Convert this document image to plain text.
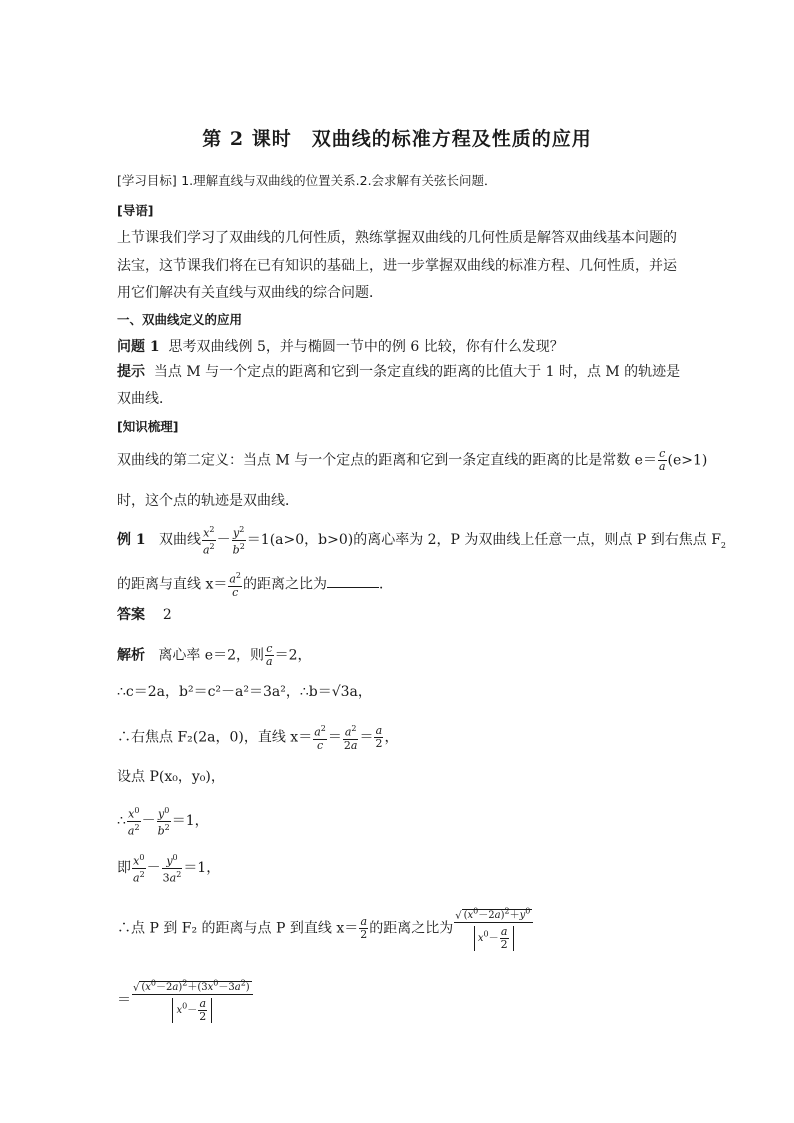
第 2 课时　双曲线的标准方程及性质的应用
[学习目标] 1.理解直线与双曲线的位置关系.2.会求解有关弦长问题．
[导语]
上节课我们学习了双曲线的几何性质，熟练掌握双曲线的几何性质是解答双曲线基本问题的
法宝，这节课我们将在已有知识的基础上，进一步掌握双曲线的标准方程、几何性质，并运
用它们解决有关直线与双曲线的综合问题．
一、双曲线定义的应用
问题 1 思考双曲线例 5，并与椭圆一节中的例 6 比较，你有什么发现？
提示 当点 M 与一个定点的距离和它到一条定直线的距离的比值大于 1 时，点 M 的轨迹是
双曲线．
[知识梳理]
双曲线的第二定义：当点 M 与一个定点的距离和它到一条定直线的距离的比是常数 $e= \frac{c}{a} (e>1)$
时，这个点的轨迹是双曲线．
例 1 双曲线 $\frac{x^2}{a^2} - \frac{y^2}{b^2} =1(a>0$，b>0)的离心率为 2，P 为双曲线上任意一点，则点 P 到右焦点 $F_2$
的距离与直线 $x= \frac{a^2}{c}$ 的距离之比为	．
答案 2
解析 离心率 e＝2，则 $\frac{c}{a} =2$，
∴c＝2a，b²＝c²－a²＝3a²，∴b＝√3a，
∴右焦点 F₂(2a，0)，直线 $x= \frac{a^2}{c} = \frac{a^2}{2a} = \frac{a}{2}$ ，
设点 P(x₀，y₀)，
∴ $\frac{x^0}{a^2} - \frac{y^0}{b^2} =1$，
即 $\frac{x^0}{a^2} - \frac{y^0}{3a^2} =1$，
∴点 P 到 F₂ 的距离与点 P 到直线 $x= \frac{a}{2}$ 的距离之比为 $\frac{√ (x^0-2a)^2+y^0}{x^0- \frac{a}{2}}$
＝ $\frac{√ (x^0-2a)^2+(3x^0-3a^2)}{x^0- \frac{a}{2}}$
